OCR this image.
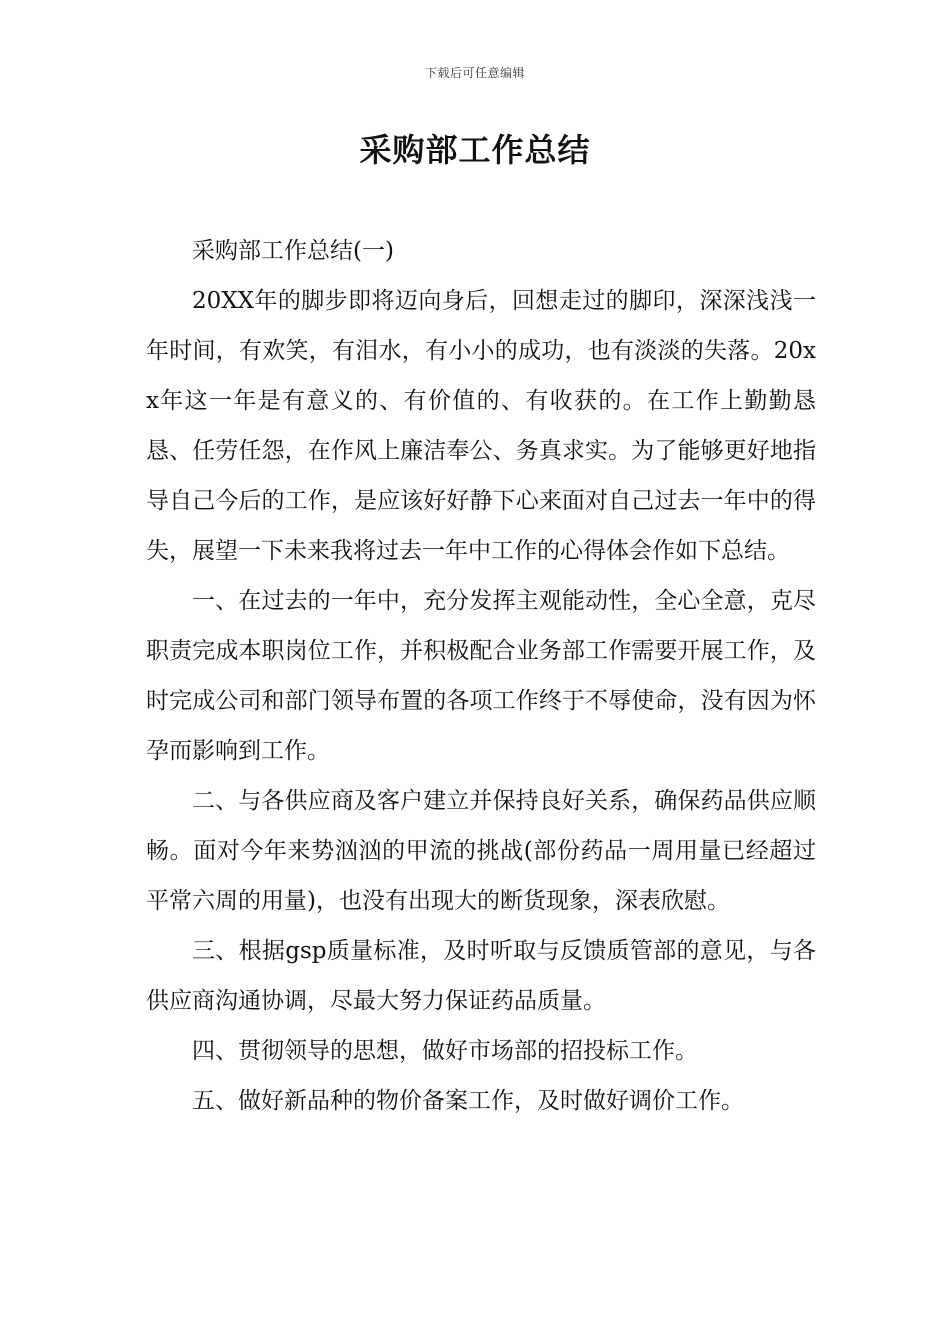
下载后可任意编辑
采购部工作总结

采购部工作总结(一)

20XX年的脚步即将迈向身后，回想走过的脚印，深深浅浅一年时间，有欢笑，有泪水，有小小的成功，也有淡淡的失落。20xx年这一年是有意义的、有价值的、有收获的。在工作上勤勤恳恳、任劳任怨，在作风上廉洁奉公、务真求实。为了能够更好地指导自己今后的工作，是应该好好静下心来面对自己过去一年中的得失，展望一下未来我将过去一年中工作的心得体会作如下总结。

一、在过去的一年中，充分发挥主观能动性，全心全意，克尽职责完成本职岗位工作，并积极配合业务部工作需要开展工作，及时完成公司和部门领导布置的各项工作终于不辱使命，没有因为怀孕而影响到工作。

二、与各供应商及客户建立并保持良好关系，确保药品供应顺畅。面对今年来势汹汹的甲流的挑战(部份药品一周用量已经超过平常六周的用量)，也没有出现大的断货现象，深表欣慰。

三、根据gsp质量标准，及时听取与反馈质管部的意见，与各供应商沟通协调，尽最大努力保证药品质量。

四、贯彻领导的思想，做好市场部的招投标工作。

五、做好新品种的物价备案工作，及时做好调价工作。
